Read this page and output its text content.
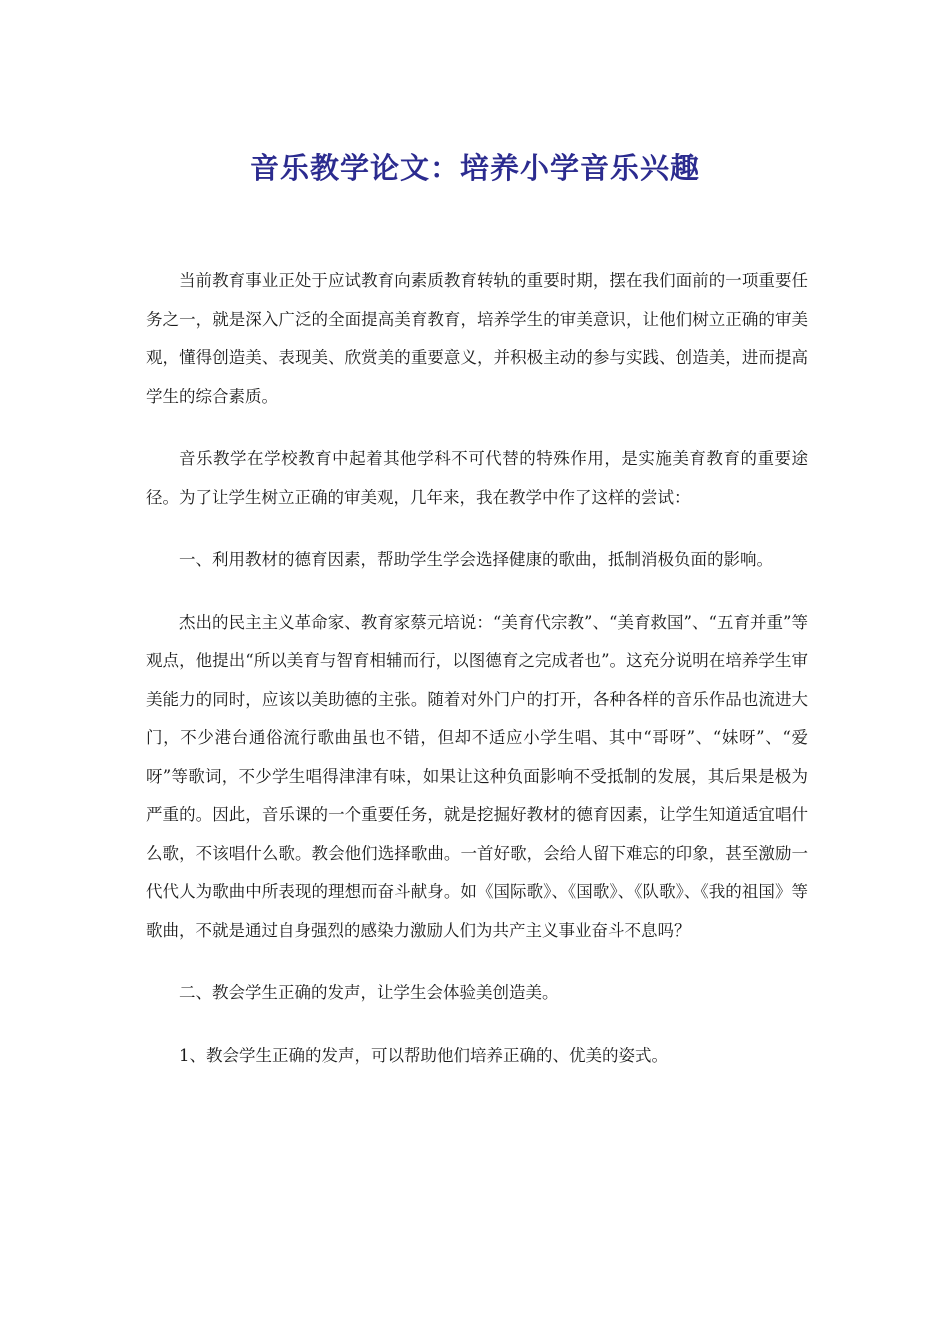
音乐教学论文：培养小学音乐兴趣

当前教育事业正处于应试教育向素质教育转轨的重要时期，摆在我们面前的一项重要任务之一，就是深入广泛的全面提高美育教育，培养学生的审美意识，让他们树立正确的审美观，懂得创造美、表现美、欣赏美的重要意义，并积极主动的参与实践、创造美，进而提高学生的综合素质。

音乐教学在学校教育中起着其他学科不可代替的特殊作用，是实施美育教育的重要途径。为了让学生树立正确的审美观，几年来，我在教学中作了这样的尝试：

一、利用教材的德育因素，帮助学生学会选择健康的歌曲，抵制消极负面的影响。

杰出的民主主义革命家、教育家蔡元培说：“美育代宗教”、“美育救国”、“五育并重”等观点，他提出“所以美育与智育相辅而行，以图德育之完成者也”。这充分说明在培养学生审美能力的同时，应该以美助德的主张。随着对外门户的打开，各种各样的音乐作品也流进大门，不少港台通俗流行歌曲虽也不错，但却不适应小学生唱、其中“哥呀”、“妹呀”、“爱呀”等歌词，不少学生唱得津津有味，如果让这种负面影响不受抵制的发展，其后果是极为严重的。因此，音乐课的一个重要任务，就是挖掘好教材的德育因素，让学生知道适宜唱什么歌，不该唱什么歌。教会他们选择歌曲。一首好歌，会给人留下难忘的印象，甚至激励一代代人为歌曲中所表现的理想而奋斗献身。如《国际歌》、《国歌》、《队歌》、《我的祖国》等歌曲，不就是通过自身强烈的感染力激励人们为共产主义事业奋斗不息吗？

二、教会学生正确的发声，让学生会体验美创造美。

1、教会学生正确的发声，可以帮助他们培养正确的、优美的姿式。
